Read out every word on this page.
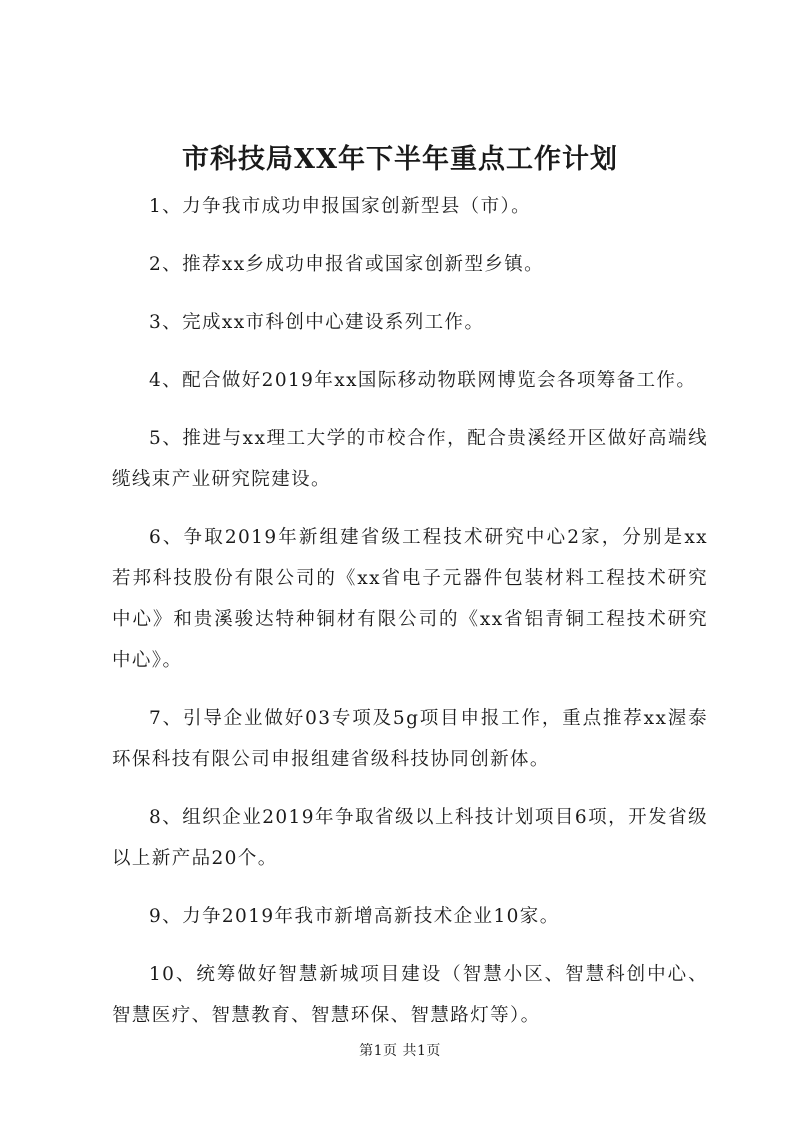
市科技局XX年下半年重点工作计划

1、力争我市成功申报国家创新型县（市）。

2、推荐xx乡成功申报省或国家创新型乡镇。

3、完成xx市科创中心建设系列工作。

4、配合做好2019年xx国际移动物联网博览会各项筹备工作。

5、推进与xx理工大学的市校合作，配合贵溪经开区做好高端线缆线束产业研究院建设。

6、争取2019年新组建省级工程技术研究中心2家，分别是xx若邦科技股份有限公司的《xx省电子元器件包装材料工程技术研究中心》和贵溪骏达特种铜材有限公司的《xx省铝青铜工程技术研究中心》。

7、引导企业做好03专项及5g项目申报工作，重点推荐xx渥泰环保科技有限公司申报组建省级科技协同创新体。

8、组织企业2019年争取省级以上科技计划项目6项，开发省级以上新产品20个。

9、力争2019年我市新增高新技术企业10家。

10、统筹做好智慧新城项目建设（智慧小区、智慧科创中心、智慧医疗、智慧教育、智慧环保、智慧路灯等）。

第1页 共1页
